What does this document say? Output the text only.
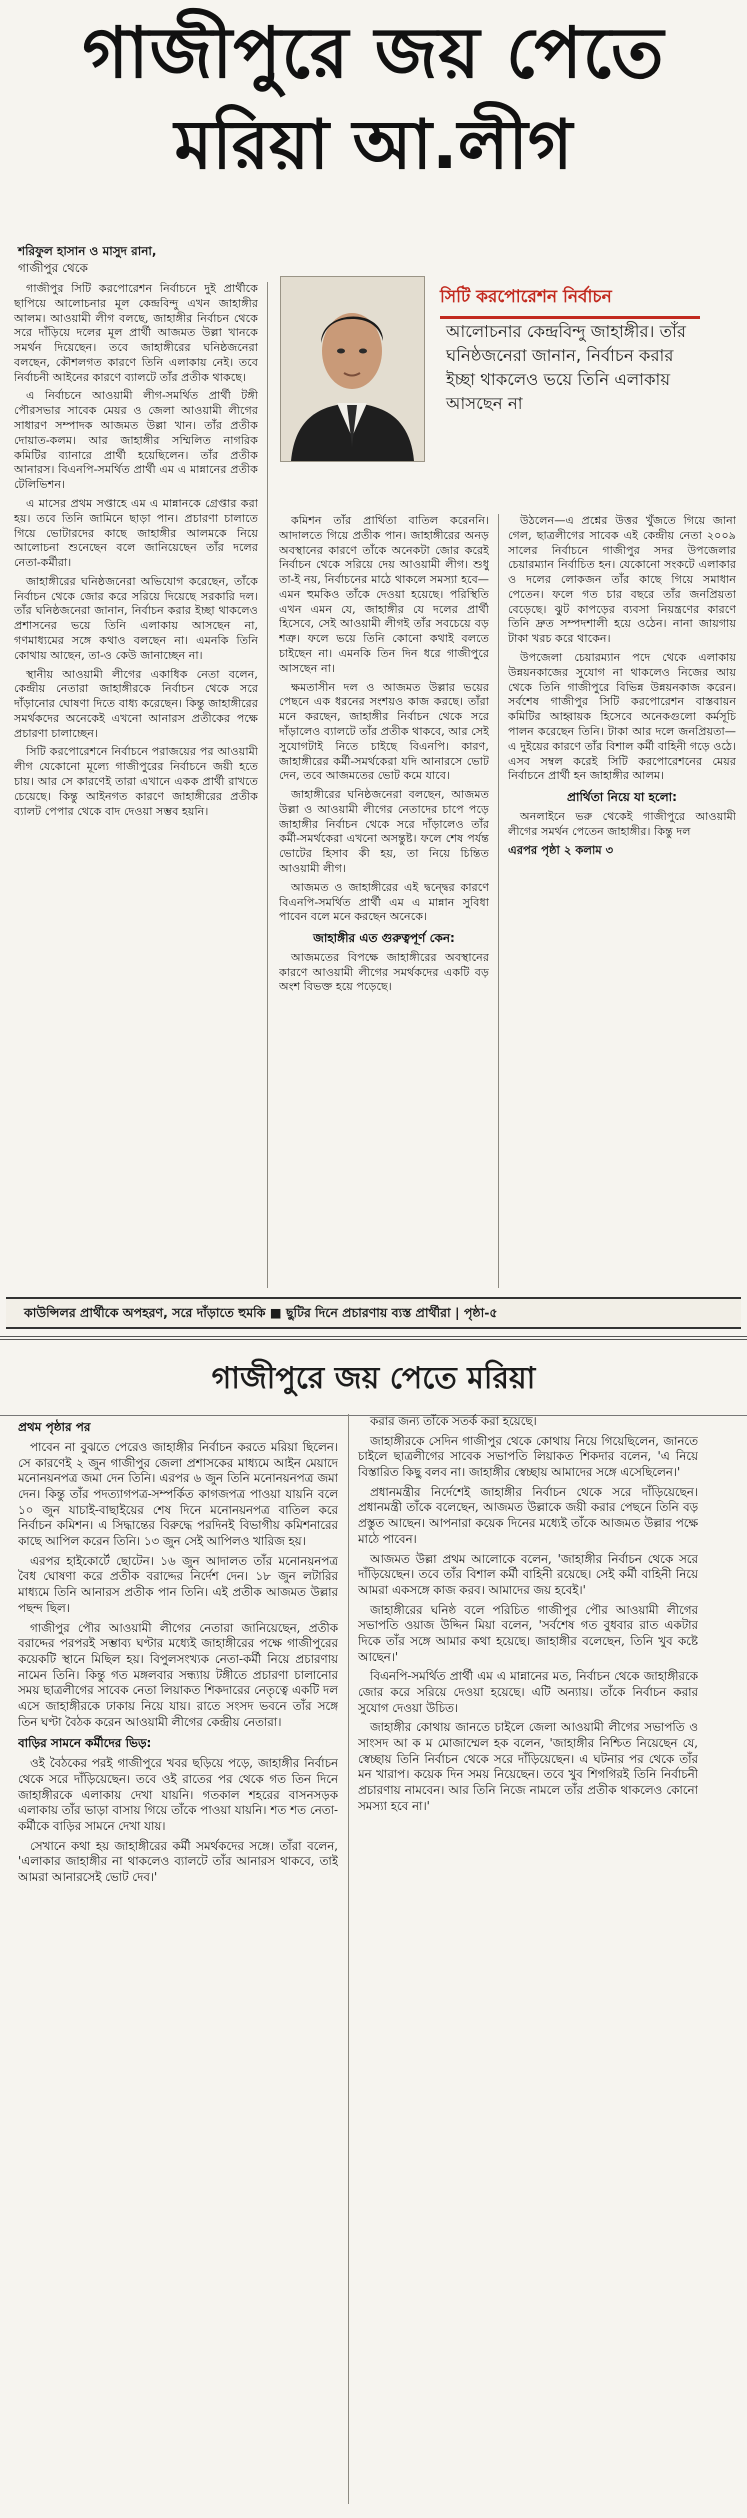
গাজীপুরে জয় পেতে
মরিয়া আ.লীগ
শরিফুল হাসান ও মাসুদ রানা,
গাজীপুর থেকে
সিটি করপোরেশন নির্বাচন
আলোচনার কেন্দ্রবিন্দু জাহাঙ্গীর। তাঁর ঘনিষ্ঠজনেরা জানান, নির্বাচন করার ইচ্ছা থাকলেও ভয়ে তিনি এলাকায় আসছেন না

গাজীপুর সিটি করপোরেশন নির্বাচনে দুই প্রার্থীকে ছাপিয়ে আলোচনার মূল কেন্দ্রবিন্দু এখন জাহাঙ্গীর আলম। আওয়ামী লীগ বলছে, জাহাঙ্গীর নির্বাচন থেকে সরে দাঁড়িয়ে দলের মূল প্রার্থী আজমত উল্লা খানকে সমর্থন দিয়েছেন। তবে জাহাঙ্গীরের ঘনিষ্ঠজনেরা বলছেন, কৌশলগত কারণে তিনি এলাকায় নেই। তবে নির্বাচনী আইনের কারণে ব্যালটে তাঁর প্রতীক থাকছে।

এ নির্বাচনে আওয়ামী লীগ-সমর্থিত প্রার্থী টঙ্গী পৌরসভার সাবেক মেয়র ও জেলা আওয়ামী লীগের সাধারণ সম্পাদক আজমত উল্লা খান। তাঁর প্রতীক দোয়াত-কলম। আর জাহাঙ্গীর সম্মিলিত নাগরিক কমিটির ব্যানারে প্রার্থী হয়েছিলেন। তাঁর প্রতীক আনারস। বিএনপি-সমর্থিত প্রার্থী এম এ মান্নানের প্রতীক টেলিভিশন।

এ মাসের প্রথম সপ্তাহে এম এ মান্নানকে গ্রেপ্তার করা হয়। তবে তিনি জামিনে ছাড়া পান। প্রচারণা চালাতে গিয়ে ভোটারদের কাছে জাহাঙ্গীর আলমকে নিয়ে আলোচনা শুনেছেন বলে জানিয়েছেন তাঁর দলের নেতা-কর্মীরা।

জাহাঙ্গীরের ঘনিষ্ঠজনেরা অভিযোগ করেছেন, তাঁকে নির্বাচন থেকে জোর করে সরিয়ে দিয়েছে সরকারি দল। তাঁর ঘনিষ্ঠজনেরা জানান, নির্বাচন করার ইচ্ছা থাকলেও প্রশাসনের ভয়ে তিনি এলাকায় আসছেন না, গণমাধ্যমের সঙ্গে কথাও বলছেন না। এমনকি তিনি কোথায় আছেন, তা-ও কেউ জানাচ্ছেন না।

স্থানীয় আওয়ামী লীগের একাধিক নেতা বলেন, কেন্দ্রীয় নেতারা জাহাঙ্গীরকে নির্বাচন থেকে সরে দাঁড়ানোর ঘোষণা দিতে বাধ্য করেছেন। কিন্তু জাহাঙ্গীরের সমর্থকদের অনেকেই এখনো আনারস প্রতীকের পক্ষে প্রচারণা চালাচ্ছেন।

সিটি করপোরেশনে নির্বাচনে পরাজয়ের পর আওয়ামী লীগ যেকোনো মূল্যে গাজীপুরের নির্বাচনে জয়ী হতে চায়। আর সে কারণেই তারা এখানে একক প্রার্থী রাখতে চেয়েছে। কিন্তু আইনগত কারণে জাহাঙ্গীরের প্রতীক ব্যালট পেপার থেকে বাদ দেওয়া সম্ভব হয়নি।

কমিশন তাঁর প্রার্থিতা বাতিল করেননি। আদালতে গিয়ে প্রতীক পান। জাহাঙ্গীরের অনড় অবস্থানের কারণে তাঁকে অনেকটা জোর করেই নির্বাচন থেকে সরিয়ে দেয় আওয়ামী লীগ। শুধু তা-ই নয়, নির্বাচনের মাঠে থাকলে সমস্যা হবে—এমন হুমকিও তাঁকে দেওয়া হয়েছে। পরিস্থিতি এখন এমন যে, জাহাঙ্গীর যে দলের প্রার্থী হিসেবে, সেই আওয়ামী লীগই তাঁর সবচেয়ে বড় শত্রু। ফলে ভয়ে তিনি কোনো কথাই বলতে চাইছেন না। এমনকি তিন দিন ধরে গাজীপুরে আসছেন না।

ক্ষমতাসীন দল ও আজমত উল্লার ভয়ের পেছনে এক ধরনের সংশয়ও কাজ করছে। তাঁরা মনে করছেন, জাহাঙ্গীর নির্বাচন থেকে সরে দাঁড়ালেও ব্যালটে তাঁর প্রতীক থাকবে, আর সেই সুযোগটাই নিতে চাইছে বিএনপি। কারণ, জাহাঙ্গীরের কর্মী-সমর্থকেরা যদি আনারসে ভোট দেন, তবে আজমতের ভোট কমে যাবে।

জাহাঙ্গীরের ঘনিষ্ঠজনেরা বলছেন, আজমত উল্লা ও আওয়ামী লীগের নেতাদের চাপে পড়ে জাহাঙ্গীর নির্বাচন থেকে সরে দাঁড়ালেও তাঁর কর্মী-সমর্থকেরা এখনো অসন্তুষ্ট। ফলে শেষ পর্যন্ত ভোটের হিসাব কী হয়, তা নিয়ে চিন্তিত আওয়ামী লীগ।

আজমত ও জাহাঙ্গীরের এই দ্বন্দ্বের কারণে বিএনপি-সমর্থিত প্রার্থী এম এ মান্নান সুবিধা পাবেন বলে মনে করছেন অনেকে।

জাহাঙ্গীর এত গুরুত্বপূর্ণ কেন:

আজমতের বিপক্ষে জাহাঙ্গীরের অবস্থানের কারণে আওয়ামী লীগের সমর্থকদের একটি বড় অংশ বিভক্ত হয়ে পড়েছে।

উঠলেন—এ প্রশ্নের উত্তর খুঁজতে গিয়ে জানা গেল, ছাত্রলীগের সাবেক এই কেন্দ্রীয় নেতা ২০০৯ সালের নির্বাচনে গাজীপুর সদর উপজেলার চেয়ারম্যান নির্বাচিত হন। যেকোনো সংকটে এলাকার ও দলের লোকজন তাঁর কাছে গিয়ে সমাধান পেতেন। ফলে গত চার বছরে তাঁর জনপ্রিয়তা বেড়েছে। ঝুট কাপড়ের ব্যবসা নিয়ন্ত্রণের কারণে তিনি দ্রুত সম্পদশালী হয়ে ওঠেন। নানা জায়গায় টাকা খরচ করে থাকেন।

উপজেলা চেয়ারম্যান পদে থেকে এলাকায় উন্নয়নকাজের সুযোগ না থাকলেও নিজের আয় থেকে তিনি গাজীপুরে বিভিন্ন উন্নয়নকাজ করেন। সর্বশেষ গাজীপুর সিটি করপোরেশন বাস্তবায়ন কমিটির আহ্বায়ক হিসেবে অনেকগুলো কর্মসূচি পালন করেছেন তিনি। টাকা আর দলে জনপ্রিয়তা—এ দুইয়ের কারণে তাঁর বিশাল কর্মী বাহিনী গড়ে ওঠে। এসব সম্বল করেই সিটি করপোরেশনের মেয়র নির্বাচনে প্রার্থী হন জাহাঙ্গীর আলম।

প্রার্থিতা নিয়ে যা হলো:

অনলাইনে ভরু থেকেই গাজীপুরে আওয়ামী লীগের সমর্থন পেতেন জাহাঙ্গীর। কিন্তু দল

এরপর পৃষ্ঠা ২ কলাম ৩
কাউন্সিলর প্রার্থীকে অপহরণ, সরে দাঁড়াতে হুমকি ■ ছুটির দিনে প্রচারণায় ব্যস্ত প্রার্থীরা | পৃষ্ঠা-৫
গাজীপুরে জয় পেতে মরিয়া
প্রথম পৃষ্ঠার পর

পাবেন না বুঝতে পেরেও জাহাঙ্গীর নির্বাচন করতে মরিয়া ছিলেন। সে কারণেই ২ জুন গাজীপুর জেলা প্রশাসকের মাধ্যমে আইন মেয়াদে মনোনয়নপত্র জমা দেন তিনি। এরপর ৬ জুন তিনি মনোনয়নপত্র জমা দেন। কিন্তু তাঁর পদত্যাগপত্র-সম্পর্কিত কাগজপত্র পাওয়া যায়নি বলে ১০ জুন যাচাই-বাছাইয়ের শেষ দিনে মনোনয়নপত্র বাতিল করে নির্বাচন কমিশন। এ সিদ্ধান্তের বিরুদ্ধে পরদিনই বিভাগীয় কমিশনারের কাছে আপিল করেন তিনি। ১৩ জুন সেই আপিলও খারিজ হয়।

এরপর হাইকোর্টে ছোটেন। ১৬ জুন আদালত তাঁর মনোনয়নপত্র বৈধ ঘোষণা করে প্রতীক বরাদ্দের নির্দেশ দেন। ১৮ জুন লটারির মাধ্যমে তিনি আনারস প্রতীক পান তিনি। এই প্রতীক আজমত উল্লার পছন্দ ছিল।

গাজীপুর পৌর আওয়ামী লীগের নেতারা জানিয়েছেন, প্রতীক বরাদ্দের পরপরই সম্ভাব্য ঘণ্টার মধ্যেই জাহাঙ্গীরের পক্ষে গাজীপুরের কয়েকটি স্থানে মিছিল হয়। বিপুলসংখ্যক নেতা-কর্মী নিয়ে প্রচারণায় নামেন তিনি। কিন্তু গত মঙ্গলবার সন্ধ্যায় টঙ্গীতে প্রচারণা চালানোর সময় ছাত্রলীগের সাবেক নেতা লিয়াকত শিকদারের নেতৃত্বে একটি দল এসে জাহাঙ্গীরকে ঢাকায় নিয়ে যায়। রাতে সংসদ ভবনে তাঁর সঙ্গে তিন ঘণ্টা বৈঠক করেন আওয়ামী লীগের কেন্দ্রীয় নেতারা।

বাড়ির সামনে কর্মীদের ভিড়:

ওই বৈঠকের পরই গাজীপুরে খবর ছড়িয়ে পড়ে, জাহাঙ্গীর নির্বাচন থেকে সরে দাঁড়িয়েছেন। তবে ওই রাতের পর থেকে গত তিন দিনে জাহাঙ্গীরকে এলাকায় দেখা যায়নি। গতকাল শহরের বাসনসড়ক এলাকায় তাঁর ভাড়া বাসায় গিয়ে তাঁকে পাওয়া যায়নি। শত শত নেতা-কর্মীকে বাড়ির সামনে দেখা যায়।

সেখানে কথা হয় জাহাঙ্গীরের কর্মী সমর্থকদের সঙ্গে। তাঁরা বলেন, 'এলাকার জাহাঙ্গীর না থাকলেও ব্যালটে তাঁর আনারস থাকবে, তাই আমরা আনারসেই ভোট দেব।'

করার জন্য তাঁকে সতর্ক করা হয়েছে।

জাহাঙ্গীরকে সেদিন গাজীপুর থেকে কোথায় নিয়ে গিয়েছিলেন, জানতে চাইলে ছাত্রলীগের সাবেক সভাপতি লিয়াকত শিকদার বলেন, 'এ নিয়ে বিস্তারিত কিছু বলব না। জাহাঙ্গীর স্বেচ্ছায় আমাদের সঙ্গে এসেছিলেন।'

প্রধানমন্ত্রীর নির্দেশেই জাহাঙ্গীর নির্বাচন থেকে সরে দাঁড়িয়েছেন। প্রধানমন্ত্রী তাঁকে বলেছেন, আজমত উল্লাকে জয়ী করার পেছনে তিনি বড় প্রস্তুত আছেন। আপনারা কয়েক দিনের মধ্যেই তাঁকে আজমত উল্লার পক্ষে মাঠে পাবেন।

আজমত উল্লা প্রথম আলোকে বলেন, 'জাহাঙ্গীর নির্বাচন থেকে সরে দাঁড়িয়েছেন। তবে তাঁর বিশাল কর্মী বাহিনী রয়েছে। সেই কর্মী বাহিনী নিয়ে আমরা একসঙ্গে কাজ করব। আমাদের জয় হবেই।'

জাহাঙ্গীরের ঘনিষ্ঠ বলে পরিচিত গাজীপুর পৌর আওয়ামী লীগের সভাপতি ওয়াজ উদ্দিন মিয়া বলেন, 'সর্বশেষ গত বুধবার রাত একটার দিকে তাঁর সঙ্গে আমার কথা হয়েছে। জাহাঙ্গীর বলেছেন, তিনি খুব কষ্টে আছেন।'

বিএনপি-সমর্থিত প্রার্থী এম এ মান্নানের মত, নির্বাচন থেকে জাহাঙ্গীরকে জোর করে সরিয়ে দেওয়া হয়েছে। এটি অন্যায়। তাঁকে নির্বাচন করার সুযোগ দেওয়া উচিত।

জাহাঙ্গীর কোথায় জানতে চাইলে জেলা আওয়ামী লীগের সভাপতি ও সাংসদ আ ক ম মোজাম্মেল হক বলেন, 'জাহাঙ্গীর নিশ্চিত নিয়েছেন যে, স্বেচ্ছায় তিনি নির্বাচন থেকে সরে দাঁড়িয়েছেন। এ ঘটনার পর থেকে তাঁর মন খারাপ। কয়েক দিন সময় নিয়েছেন। তবে খুব শিগগিরই তিনি নির্বাচনী প্রচারণায় নামবেন। আর তিনি নিজে নামলে তাঁর প্রতীক থাকলেও কোনো সমস্যা হবে না।'
